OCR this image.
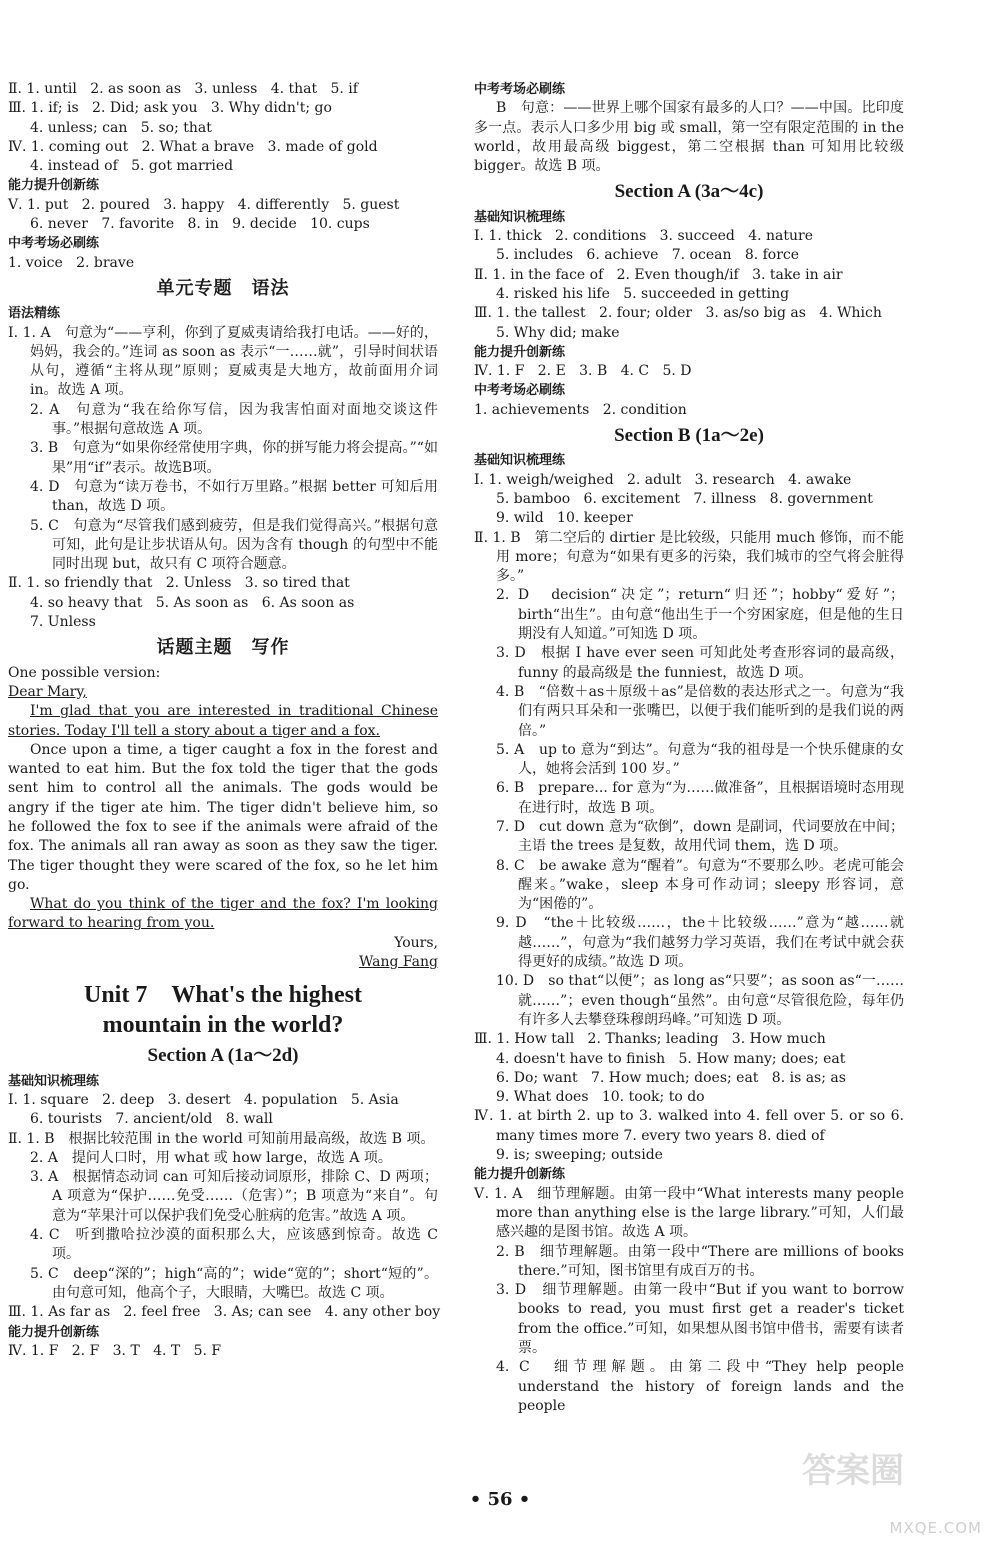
Ⅱ. 1. until   2. as soon as   3. unless   4. that   5. if
Ⅲ. 1. if; is   2. Did; ask you   3. Why didn't; go
4. unless; can   5. so; that
Ⅳ. 1. coming out   2. What a brave   3. made of gold
4. instead of   5. got married
能力提升创新练
Ⅴ. 1. put   2. poured   3. happy   4. differently   5. guest
6. never   7. favorite   8. in   9. decide   10. cups
中考考场必刷练
1. voice   2. brave
单元专题　语法
语法精练
Ⅰ. 1. A　句意为“——亨利，你到了夏威夷请给我打电话。——好的，妈妈，我会的。”连词 as soon as 表示“一……就”，引导时间状语从句，遵循“主将从现”原则；夏威夷是大地方，故前面用介词 in。故选 A 项。
2. A　句意为“我在给你写信，因为我害怕面对面地交谈这件事。”根据句意故选 A 项。
3. B　句意为“如果你经常使用字典，你的拼写能力将会提高。”“如果”用“if”表示。故选B项。
4. D　句意为“读万卷书，不如行万里路。”根据 better 可知后用 than，故选 D 项。
5. C　句意为“尽管我们感到疲劳，但是我们觉得高兴。”根据句意可知，此句是让步状语从句。因为含有 though 的句型中不能同时出现 but，故只有 C 项符合题意。
Ⅱ. 1. so friendly that   2. Unless   3. so tired that
4. so heavy that   5. As soon as   6. As soon as
7. Unless
话题主题　写作
One possible version:
Dear Mary,
I'm glad that you are interested in traditional Chinese stories. Today I'll tell a story about a tiger and a fox.
Once upon a time, a tiger caught a fox in the forest and wanted to eat him. But the fox told the tiger that the gods sent him to control all the animals. The gods would be angry if the tiger ate him. The tiger didn't believe him, so he followed the fox to see if the animals were afraid of the fox. The animals all ran away as soon as they saw the tiger. The tiger thought they were scared of the fox, so he let him go.
What do you think of the tiger and the fox? I'm looking forward to hearing from you.
Yours,
Wang Fang
Unit 7　What's the highest
mountain in the world?
Section A (1a～2d)
基础知识梳理练
Ⅰ. 1. square   2. deep   3. desert   4. population   5. Asia
6. tourists   7. ancient/old   8. wall
Ⅱ. 1. B　根据比较范围 in the world 可知前用最高级，故选 B 项。
2. A　提问人口时，用 what 或 how large，故选 A 项。
3. A　根据情态动词 can 可知后接动词原形，排除 C、D 两项；A 项意为“保护……免受……（危害）”；B 项意为“来自”。句意为“苹果汁可以保护我们免受心脏病的危害。”故选 A 项。
4. C　听到撒哈拉沙漠的面积那么大，应该感到惊奇。故选 C 项。
5. C　deep“深的”；high“高的”；wide“宽的”；short“短的”。由句意可知，他高个子，大眼睛，大嘴巴。故选 C 项。
Ⅲ. 1. As far as   2. feel free   3. As; can see   4. any other boy
能力提升创新练
Ⅳ. 1. F   2. F   3. T   4. T   5. F
中考考场必刷练
B　句意：——世界上哪个国家有最多的人口？——中国。比印度多一点。表示人口多少用 big 或 small，第一空有限定范围的 in the world，故用最高级 biggest，第二空根据 than 可知用比较级 bigger。故选 B 项。
Section A (3a～4c)
基础知识梳理练
Ⅰ. 1. thick   2. conditions   3. succeed   4. nature
5. includes   6. achieve   7. ocean   8. force
Ⅱ. 1. in the face of   2. Even though/if   3. take in air
4. risked his life   5. succeeded in getting
Ⅲ. 1. the tallest   2. four; older   3. as/so big as   4. Which
5. Why did; make
能力提升创新练
Ⅳ. 1. F   2. E   3. B   4. C   5. D
中考考场必刷练
1. achievements   2. condition
Section B (1a～2e)
基础知识梳理练
Ⅰ. 1. weigh/weighed   2. adult   3. research   4. awake
5. bamboo   6. excitement   7. illness   8. government
9. wild   10. keeper
Ⅱ. 1. B　第二空后的 dirtier 是比较级，只能用 much 修饰，而不能用 more；句意为“如果有更多的污染，我们城市的空气将会脏得多。”
2. D　decision“决定”；return“归还”；hobby“爱好”；birth“出生”。由句意“他出生于一个穷困家庭，但是他的生日期没有人知道。”可知选 D 项。
3. D　根据 I have ever seen 可知此处考查形容词的最高级，funny 的最高级是 the funniest，故选 D 项。
4. B　“倍数＋as＋原级＋as”是倍数的表达形式之一。句意为“我们有两只耳朵和一张嘴巴，以便于我们能听到的是我们说的两倍。”
5. A　up to 意为“到达”。句意为“我的祖母是一个快乐健康的女人，她将会活到 100 岁。”
6. B　prepare... for 意为“为……做准备”，且根据语境时态用现在进行时，故选 B 项。
7. D　cut down 意为“砍倒”，down 是副词，代词要放在中间；主语 the trees 是复数，故用代词 them，选 D 项。
8. C　be awake 意为“醒着”。句意为“不要那么吵。老虎可能会醒来。”wake，sleep 本身可作动词；sleepy 形容词，意为“困倦的”。
9. D　“the＋比较级……，the＋比较级……”意为“越……就越……”，句意为“我们越努力学习英语，我们在考试中就会获得更好的成绩。”故选 D 项。
10. D　so that“以便”；as long as“只要”；as soon as“一……就……”；even though“虽然”。由句意“尽管很危险，每年仍有许多人去攀登珠穆朗玛峰。”可知选 D 项。
Ⅲ. 1. How tall   2. Thanks; leading   3. How much
4. doesn't have to finish   5. How many; does; eat
6. Do; want   7. How much; does; eat   8. is as; as
9. What does   10. took; to do
Ⅳ. 1. at birth 2. up to 3. walked into 4. fell over 5. or so 6. many times more 7. every two years 8. died of
9. is; sweeping; outside
能力提升创新练
Ⅴ. 1. A　细节理解题。由第一段中“What interests many people more than anything else is the large library.”可知，人们最感兴趣的是图书馆。故选 A 项。
2. B　细节理解题。由第一段中“There are millions of books there.”可知，图书馆里有成百万的书。
3. D　细节理解题。由第一段中“But if you want to borrow books to read, you must first get a reader's ticket from the office.”可知，如果想从图书馆中借书，需要有读者票。
4. C　细节理解题。由第二段中“They help people understand the history of foreign lands and the people
• 56 •
答案圈
MXQE.COM
